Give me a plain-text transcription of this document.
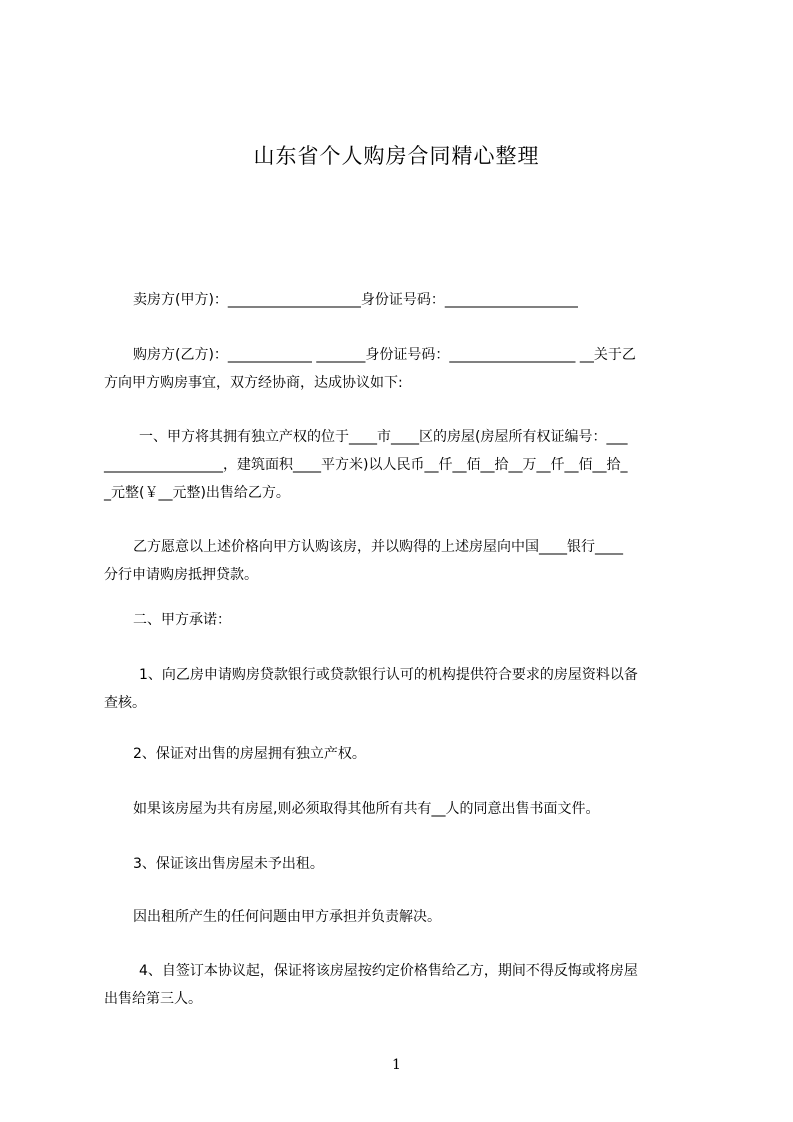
山东省个人购房合同精心整理
卖房方(甲方)：___________________身份证号码：___________________
购房方(乙方)：____________ _______身份证号码：__________________ __关于乙
方向甲方购房事宜，双方经协商，达成协议如下:
一、甲方将其拥有独立产权的位于____市____区的房屋(房屋所有权证编号：___
_________________，建筑面积____平方米)以人民币__仟__佰__拾__万__仟__佰__拾_
_元整(￥__元整)出售给乙方。
乙方愿意以上述价格向甲方认购该房，并以购得的上述房屋向中国____银行____
分行申请购房抵押贷款。
二、甲方承诺：
1、向乙房申请购房贷款银行或贷款银行认可的机构提供符合要求的房屋资料以备
查核。
2、保证对出售的房屋拥有独立产权。
如果该房屋为共有房屋,则必须取得其他所有共有__人的同意出售书面文件。
3、保证该出售房屋未予出租。
因出租所产生的任何问题由甲方承担并负责解决。
4、自签订本协议起，保证将该房屋按约定价格售给乙方，期间不得反悔或将房屋
出售给第三人。
1
